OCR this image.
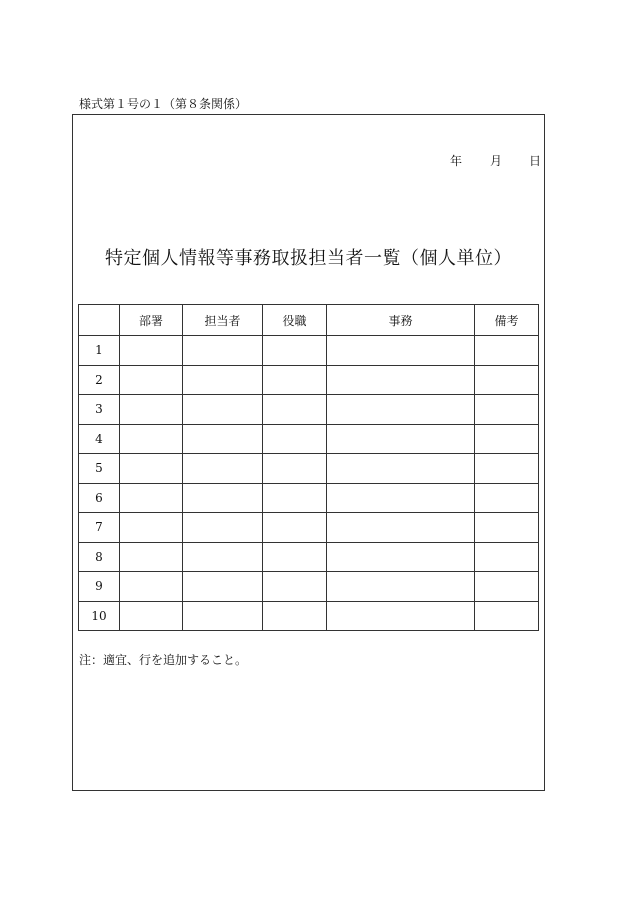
様式第１号の１（第８条関係）
年 月 日
特定個人情報等事務取扱担当者一覧（個人単位）
	部署	担当者	役職	事務	備考
1					
2					
3					
4					
5					
6					
7					
8					
9					
10					
注：適宜、行を追加すること。
